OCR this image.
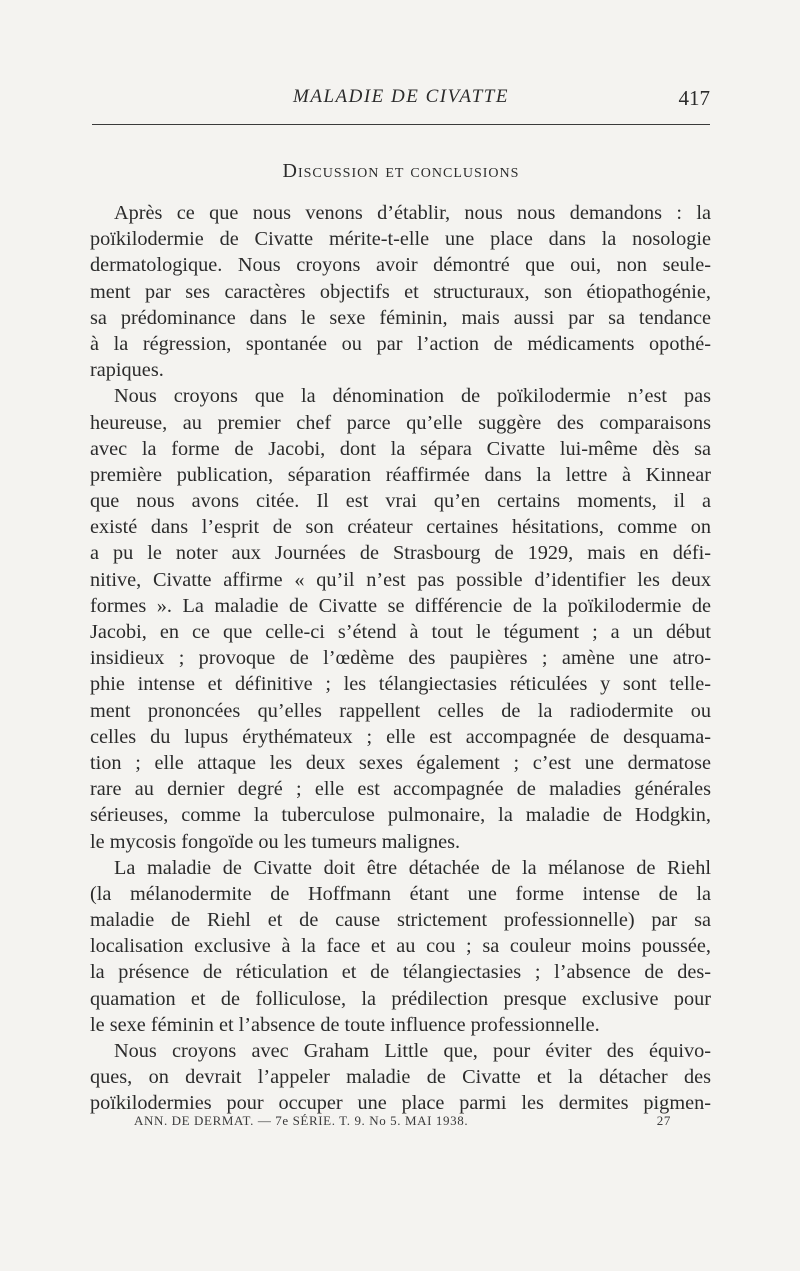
MALADIE DE CIVATTE	417
Discussion et conclusions
Après ce que nous venons d’établir, nous nous demandons : la
poïkilodermie de Civatte mérite-t-elle une place dans la nosologie
dermatologique. Nous croyons avoir démontré que oui, non seule-
ment par ses caractères objectifs et structuraux, son étiopathogénie,
sa prédominance dans le sexe féminin, mais aussi par sa tendance
à la régression, spontanée ou par l’action de médicaments opothé-
rapiques.
Nous croyons que la dénomination de poïkilodermie n’est pas
heureuse, au premier chef parce qu’elle suggère des comparaisons
avec la forme de Jacobi, dont la sépara Civatte lui-même dès sa
première publication, séparation réaffirmée dans la lettre à Kinnear
que nous avons citée. Il est vrai qu’en certains moments, il a
existé dans l’esprit de son créateur certaines hésitations, comme on
a pu le noter aux Journées de Strasbourg de 1929, mais en défi-
nitive, Civatte affirme « qu’il n’est pas possible d’identifier les deux
formes ». La maladie de Civatte se différencie de la poïkilodermie de
Jacobi, en ce que celle-ci s’étend à tout le tégument ; a un début
insidieux ; provoque de l’œdème des paupières ; amène une atro-
phie intense et définitive ; les télangiectasies réticulées y sont telle-
ment prononcées qu’elles rappellent celles de la radiodermite ou
celles du lupus érythémateux ; elle est accompagnée de desquama-
tion ; elle attaque les deux sexes également ; c’est une dermatose
rare au dernier degré ; elle est accompagnée de maladies générales
sérieuses, comme la tuberculose pulmonaire, la maladie de Hodgkin,
le mycosis fongoïde ou les tumeurs malignes.
La maladie de Civatte doit être détachée de la mélanose de Riehl
(la mélanodermite de Hoffmann étant une forme intense de la
maladie de Riehl et de cause strictement professionnelle) par sa
localisation exclusive à la face et au cou ; sa couleur moins poussée,
la présence de réticulation et de télangiectasies ; l’absence de des-
quamation et de folliculose, la prédilection presque exclusive pour
le sexe féminin et l’absence de toute influence professionnelle.
Nous croyons avec Graham Little que, pour éviter des équivo-
ques, on devrait l’appeler maladie de Civatte et la détacher des
poïkilodermies pour occuper une place parmi les dermites pigmen-
ANN. DE DERMAT. — 7e SÉRIE. T. 9. No 5. MAI 1938.	27
